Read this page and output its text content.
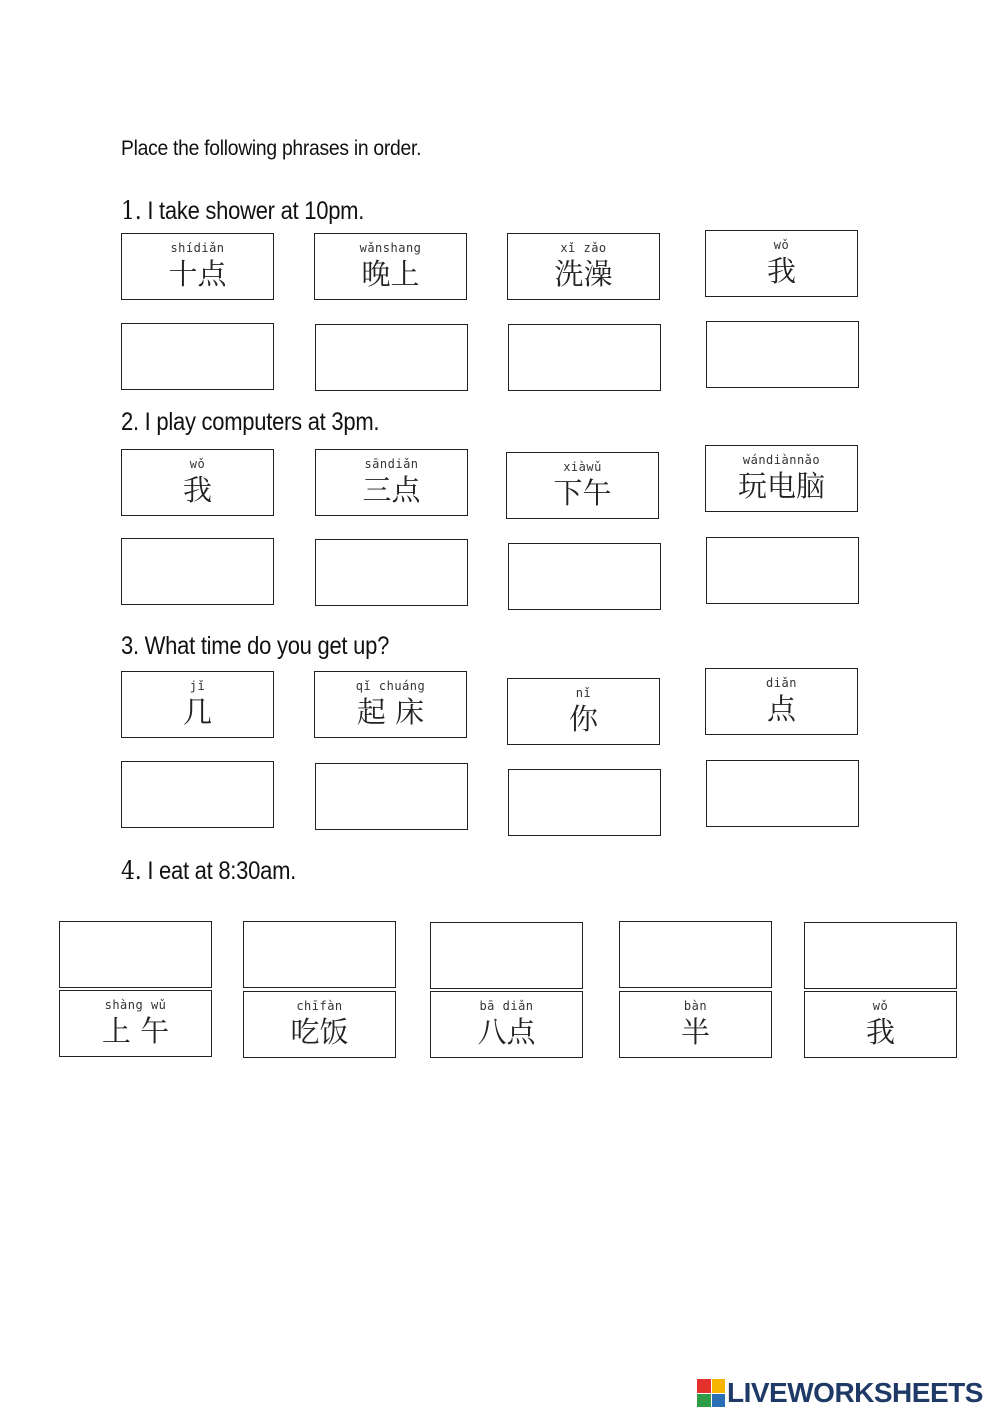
Place the following phrases in order.
1. I take shower at 10pm.
shídiǎn
十点
wǎnshang
晚上
xǐ zǎo
洗澡
wǒ
我
2. I play computers at 3pm.
wǒ
我
sāndiǎn
三点
xiàwǔ
下午
wándiànnǎo
玩电脑
3. What time do you get up?
jǐ
几
qǐ chuáng
起 床
nǐ
你
diǎn
点
4. I eat at 8:30am.
shàng wǔ
上 午
chīfàn
吃饭
bā diǎn
八点
bàn
半
wǒ
我
LIVEWORKSHEETS
